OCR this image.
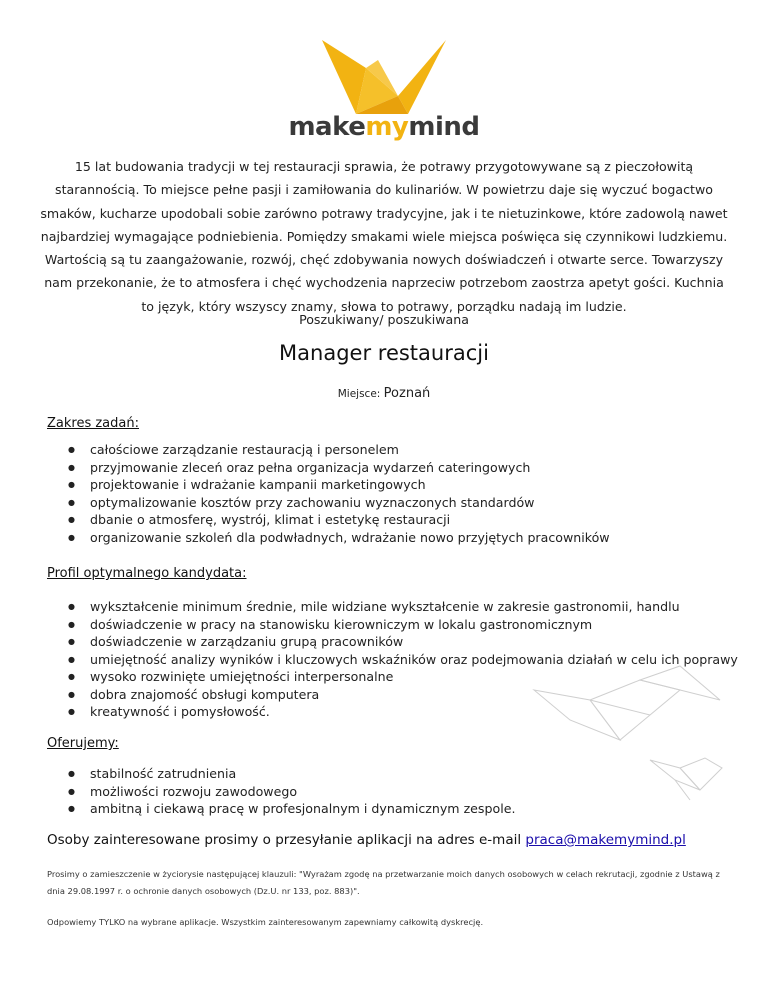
makemymind
15 lat budowania tradycji w tej restauracji sprawia, że potrawy przygotowywane są z pieczołowitą starannością. To miejsce pełne pasji i zamiłowania do kulinariów. W powietrzu daje się wyczuć bogactwo smaków, kucharze upodobali sobie zarówno potrawy tradycyjne, jak i te nietuzinkowe, które zadowolą nawet najbardziej wymagające podniebienia. Pomiędzy smakami wiele miejsca poświęca się czynnikowi ludzkiemu. Wartością są tu zaangażowanie, rozwój, chęć zdobywania nowych doświadczeń i otwarte serce. Towarzyszy nam przekonanie, że to atmosfera i chęć wychodzenia naprzeciw potrzebom zaostrza apetyt gości. Kuchnia to język, który wszyscy znamy, słowa to potrawy, porządku nadają im ludzie.
Poszukiwany/ poszukiwana
Manager restauracji
Miejsce: Poznań
Zakres zadań:
● całościowe zarządzanie restauracją i personelem
● przyjmowanie zleceń oraz pełna organizacja wydarzeń cateringowych
● projektowanie i wdrażanie kampanii marketingowych
● optymalizowanie kosztów przy zachowaniu wyznaczonych standardów
● dbanie o atmosferę, wystrój, klimat i estetykę restauracji
● organizowanie szkoleń dla podwładnych, wdrażanie nowo przyjętych pracowników
Profil optymalnego kandydata:
● wykształcenie minimum średnie, mile widziane wykształcenie w zakresie gastronomii, handlu
● doświadczenie w pracy na stanowisku kierowniczym w lokalu gastronomicznym
● doświadczenie w zarządzaniu grupą pracowników
● umiejętność analizy wyników i kluczowych wskaźników oraz podejmowania działań w celu ich poprawy
● wysoko rozwinięte umiejętności interpersonalne
● dobra znajomość obsługi komputera
● kreatywność i pomysłowość.
Oferujemy:
● stabilność zatrudnienia
● możliwości rozwoju zawodowego
● ambitną i ciekawą pracę w profesjonalnym i dynamicznym zespole.
Osoby zainteresowane prosimy o przesyłanie aplikacji na adres e-mail praca@makemymind.pl
Prosimy o zamieszczenie w życiorysie następującej klauzuli: "Wyrażam zgodę na przetwarzanie moich danych osobowych w celach rekrutacji, zgodnie z Ustawą z dnia 29.08.1997 r. o ochronie danych osobowych (Dz.U. nr 133, poz. 883)".
Odpowiemy TYLKO na wybrane aplikacje. Wszystkim zainteresowanym zapewniamy całkowitą dyskrecję.
